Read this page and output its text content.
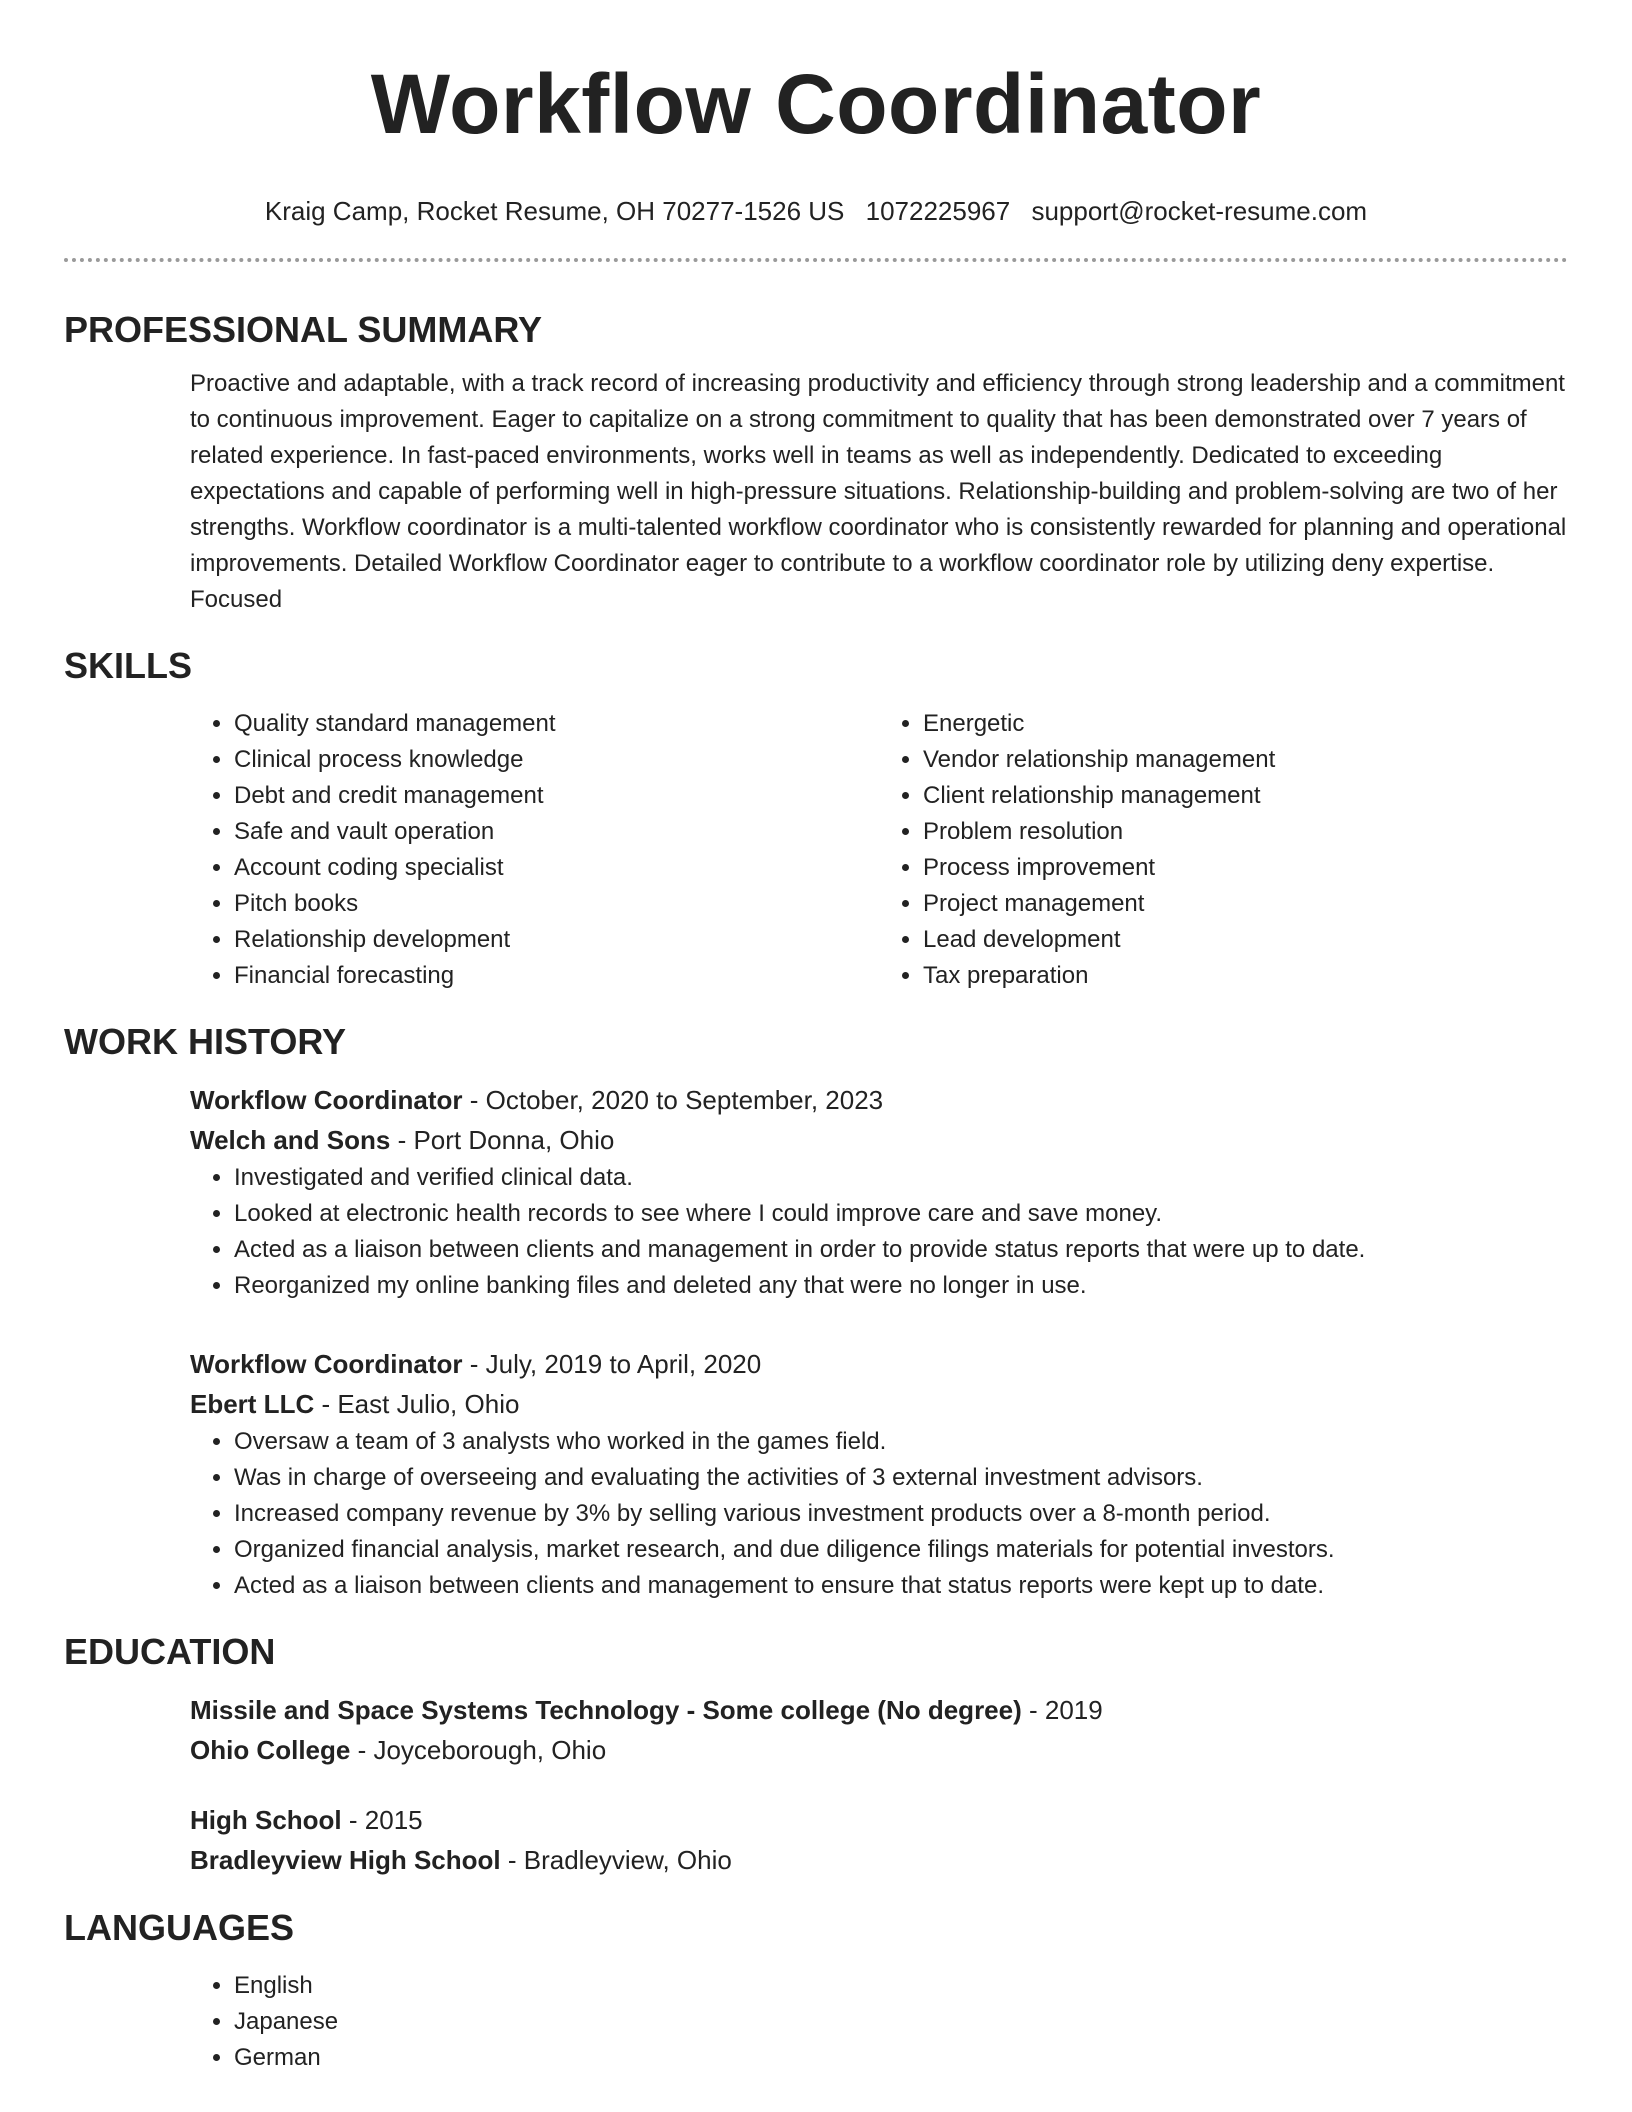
Workflow Coordinator
Kraig Camp, Rocket Resume, OH 70277-1526 US 1072225967 support@rocket-resume.com
PROFESSIONAL SUMMARY
Proactive and adaptable, with a track record of increasing productivity and efficiency through strong leadership and a commitment to continuous improvement. Eager to capitalize on a strong commitment to quality that has been demonstrated over 7 years of related experience. In fast-paced environments, works well in teams as well as independently. Dedicated to exceeding expectations and capable of performing well in high-pressure situations. Relationship-building and problem-solving are two of her strengths. Workflow coordinator is a multi-talented workflow coordinator who is consistently rewarded for planning and operational improvements. Detailed Workflow Coordinator eager to contribute to a workflow coordinator role by utilizing deny expertise. Focused
SKILLS
• Quality standard management
• Clinical process knowledge
• Debt and credit management
• Safe and vault operation
• Account coding specialist
• Pitch books
• Relationship development
• Financial forecasting
• Energetic
• Vendor relationship management
• Client relationship management
• Problem resolution
• Process improvement
• Project management
• Lead development
• Tax preparation
WORK HISTORY
Workflow Coordinator - October, 2020 to September, 2023
Welch and Sons - Port Donna, Ohio
• Investigated and verified clinical data.
• Looked at electronic health records to see where I could improve care and save money.
• Acted as a liaison between clients and management in order to provide status reports that were up to date.
• Reorganized my online banking files and deleted any that were no longer in use.
Workflow Coordinator - July, 2019 to April, 2020
Ebert LLC - East Julio, Ohio
• Oversaw a team of 3 analysts who worked in the games field.
• Was in charge of overseeing and evaluating the activities of 3 external investment advisors.
• Increased company revenue by 3% by selling various investment products over a 8-month period.
• Organized financial analysis, market research, and due diligence filings materials for potential investors.
• Acted as a liaison between clients and management to ensure that status reports were kept up to date.
EDUCATION
Missile and Space Systems Technology - Some college (No degree) - 2019
Ohio College - Joyceborough, Ohio
High School - 2015
Bradleyview High School - Bradleyview, Ohio
LANGUAGES
• English
• Japanese
• German
